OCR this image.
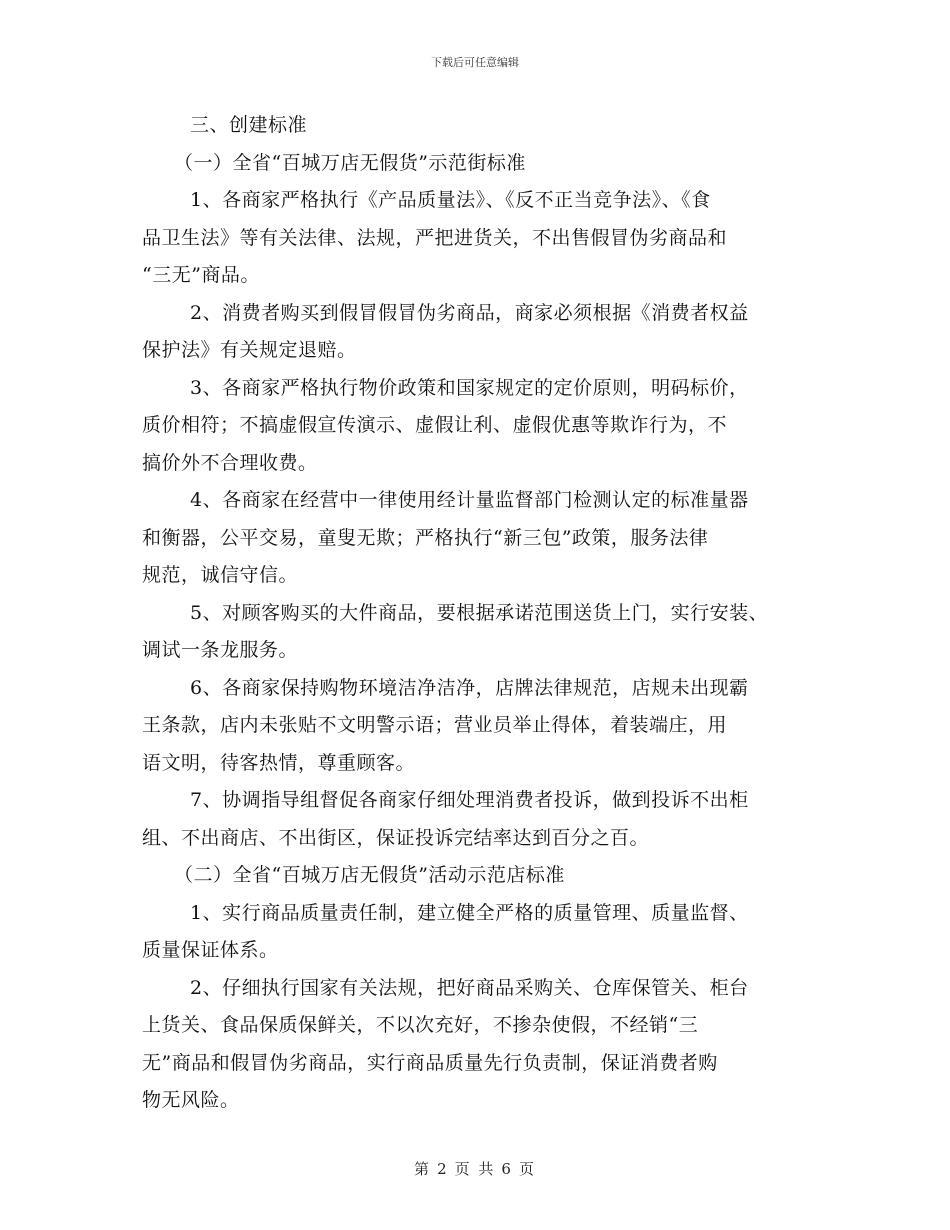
下载后可任意编辑
三、创建标准
（一）全省“百城万店无假货”示范街标准
1、各商家严格执行《产品质量法》、《反不正当竞争法》、《食
品卫生法》等有关法律、法规，严把进货关，不出售假冒伪劣商品和
“三无”商品。
2、消费者购买到假冒假冒伪劣商品，商家必须根据《消费者权益
保护法》有关规定退赔。
3、各商家严格执行物价政策和国家规定的定价原则，明码标价，
质价相符；不搞虚假宣传演示、虚假让利、虚假优惠等欺诈行为，不
搞价外不合理收费。
4、各商家在经营中一律使用经计量监督部门检测认定的标准量器
和衡器，公平交易，童叟无欺；严格执行“新三包”政策，服务法律
规范，诚信守信。
5、对顾客购买的大件商品，要根据承诺范围送货上门，实行安装、
调试一条龙服务。
6、各商家保持购物环境洁净洁净，店牌法律规范，店规未出现霸
王条款，店内未张贴不文明警示语；营业员举止得体，着装端庄，用
语文明，待客热情，尊重顾客。
7、协调指导组督促各商家仔细处理消费者投诉，做到投诉不出柜
组、不出商店、不出街区，保证投诉完结率达到百分之百。
（二）全省“百城万店无假货”活动示范店标准
1、实行商品质量责任制，建立健全严格的质量管理、质量监督、
质量保证体系。
2、仔细执行国家有关法规，把好商品采购关、仓库保管关、柜台
上货关、食品保质保鲜关，不以次充好，不掺杂使假，不经销“三
无”商品和假冒伪劣商品，实行商品质量先行负责制，保证消费者购
物无风险。
第 2 页 共 6 页
